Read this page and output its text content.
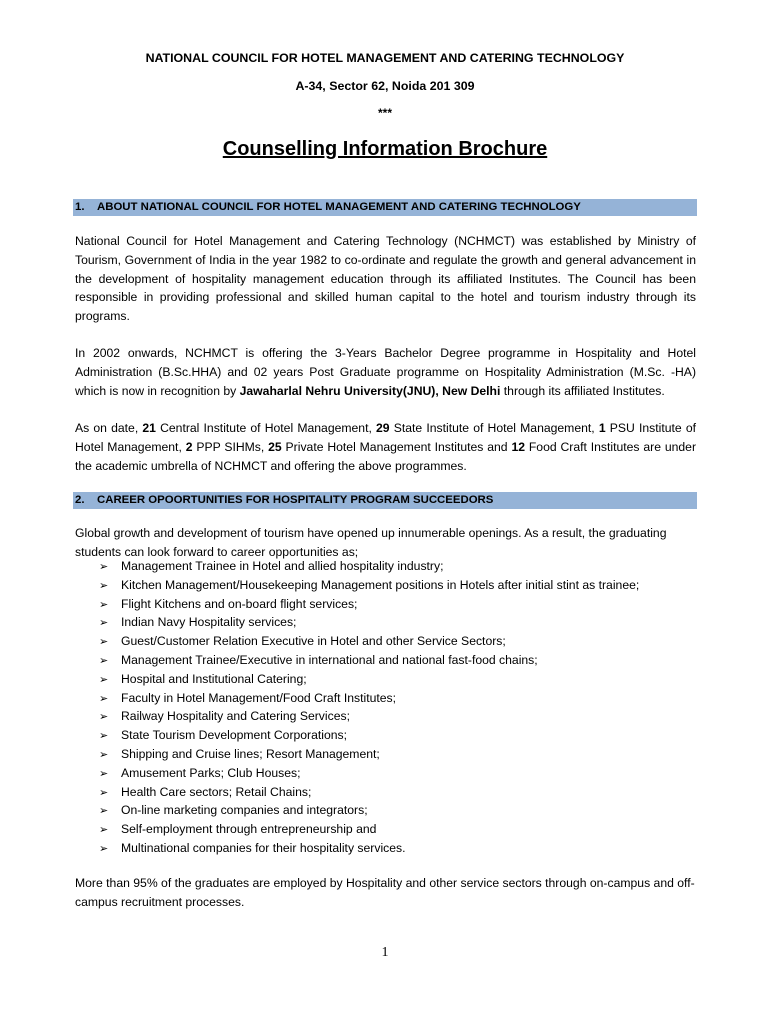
NATIONAL COUNCIL FOR HOTEL MANAGEMENT AND CATERING TECHNOLOGY
A-34, Sector 62, Noida 201 309
***
Counselling Information Brochure
1. ABOUT NATIONAL COUNCIL FOR HOTEL MANAGEMENT AND CATERING TECHNOLOGY

National Council for Hotel Management and Catering Technology (NCHMCT) was established by Ministry of Tourism, Government of India in the year 1982 to co-ordinate and regulate the growth and general advancement in the development of hospitality management education through its affiliated Institutes. The Council has been responsible in providing professional and skilled human capital to the hotel and tourism industry through its programs.

In 2002 onwards, NCHMCT is offering the 3-Years Bachelor Degree programme in Hospitality and Hotel Administration (B.Sc.HHA) and 02 years Post Graduate programme on Hospitality Administration (M.Sc. -HA) which is now in recognition by Jawaharlal Nehru University(JNU), New Delhi through its affiliated Institutes.

As on date, 21 Central Institute of Hotel Management, 29 State Institute of Hotel Management, 1 PSU Institute of Hotel Management, 2 PPP SIHMs, 25 Private Hotel Management Institutes and 12 Food Craft Institutes are under the academic umbrella of NCHMCT and offering the above programmes.

2. CAREER OPOORTUNITIES FOR HOSPITALITY PROGRAM SUCCEEDORS

Global growth and development of tourism have opened up innumerable openings. As a result, the graduating students can look forward to career opportunities as;

➢ Management Trainee in Hotel and allied hospitality industry;
➢ Kitchen Management/Housekeeping Management positions in Hotels after initial stint as trainee;
➢ Flight Kitchens and on-board flight services;
➢ Indian Navy Hospitality services;
➢ Guest/Customer Relation Executive in Hotel and other Service Sectors;
➢ Management Trainee/Executive in international and national fast-food chains;
➢ Hospital and Institutional Catering;
➢ Faculty in Hotel Management/Food Craft Institutes;
➢ Railway Hospitality and Catering Services;
➢ State Tourism Development Corporations;
➢ Shipping and Cruise lines; Resort Management;
➢ Amusement Parks; Club Houses;
➢ Health Care sectors; Retail Chains;
➢ On-line marketing companies and integrators;
➢ Self-employment through entrepreneurship and
➢ Multinational companies for their hospitality services.

More than 95% of the graduates are employed by Hospitality and other service sectors through on-campus and off-campus recruitment processes.

1
